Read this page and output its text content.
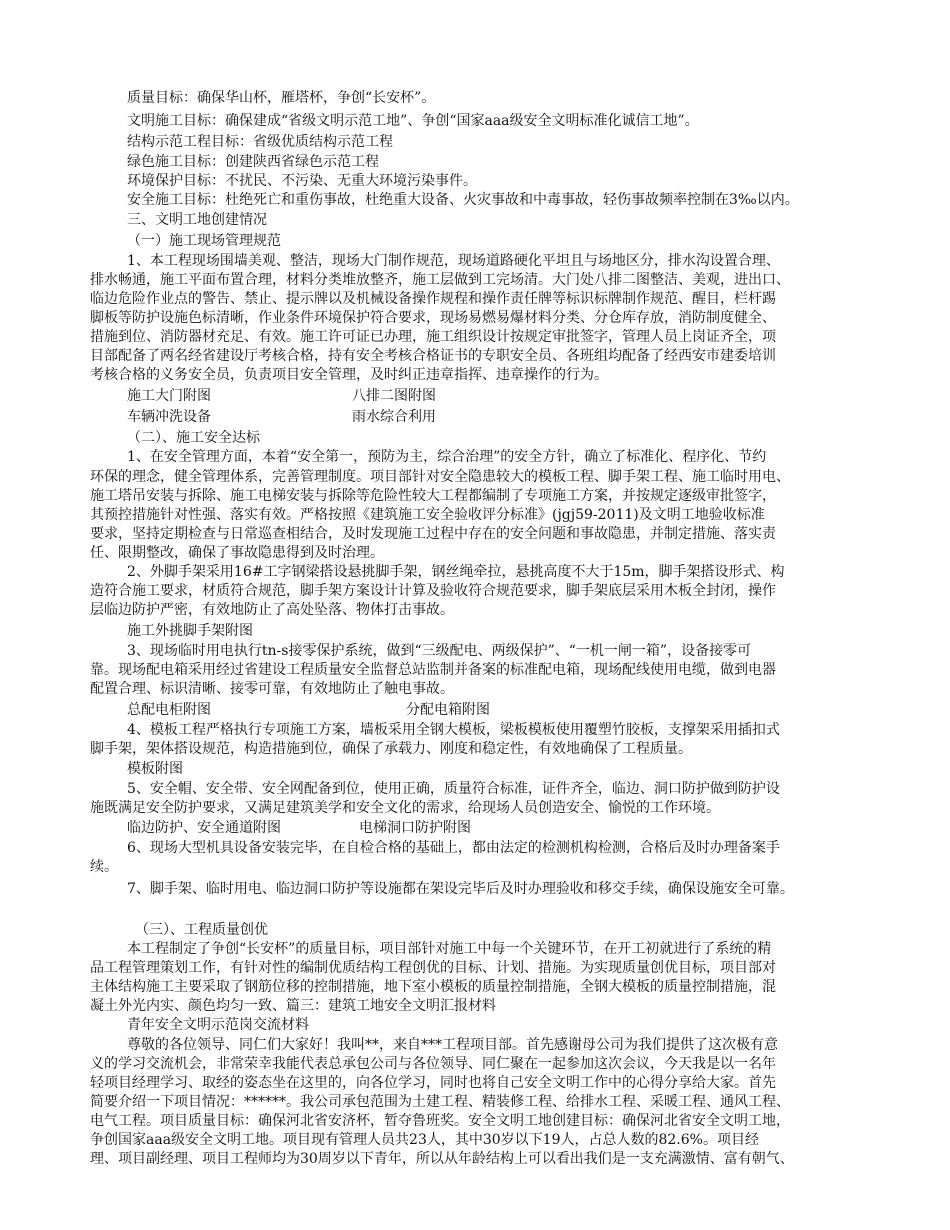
质量目标：确保华山杯，雁塔杯，争创“长安杯”。
文明施工目标：确保建成“省级文明示范工地”、争创“国家aaa级安全文明标准化诚信工地”。
结构示范工程目标：省级优质结构示范工程
绿色施工目标：创建陕西省绿色示范工程
环境保护目标：不扰民、不污染、无重大环境污染事件。
安全施工目标：杜绝死亡和重伤事故，杜绝重大设备、火灾事故和中毒事故，轻伤事故频率控制在3‰以内。
三、文明工地创建情况
（一）施工现场管理规范
1、本工程现场围墙美观、整洁，现场大门制作规范，现场道路硬化平坦且与场地区分，排水沟设置合理、
排水畅通，施工平面布置合理，材料分类堆放整齐，施工层做到工完场清。大门处八排二图整洁、美观，进出口、
临边危险作业点的警告、禁止、提示牌以及机械设备操作规程和操作责任牌等标识标牌制作规范、醒目，栏杆踢
脚板等防护设施色标清晰，作业条件环境保护符合要求，现场易燃易爆材料分类、分仓库存放，消防制度健全、
措施到位、消防器材充足、有效。施工许可证已办理，施工组织设计按规定审批签字，管理人员上岗证齐全，项
目部配备了两名经省建设厅考核合格，持有安全考核合格证书的专职安全员、各班组均配备了经西安市建委培训
考核合格的义务安全员，负责项目安全管理，及时纠正违章指挥、违章操作的行为。
施工大门附图	八排二图附图
车辆冲洗设备	雨水综合利用
（二）、施工安全达标
1、在安全管理方面，本着“安全第一，预防为主，综合治理”的安全方针，确立了标准化、程序化、节约
环保的理念，健全管理体系，完善管理制度。项目部针对安全隐患较大的模板工程、脚手架工程、施工临时用电、
施工塔吊安装与拆除、施工电梯安装与拆除等危险性较大工程都编制了专项施工方案，并按规定逐级审批签字，
其预控措施针对性强、落实有效。严格按照《建筑施工安全验收评分标准》(jgj59-2011)及文明工地验收标准
要求，坚持定期检查与日常巡查相结合，及时发现施工过程中存在的安全问题和事故隐患，并制定措施、落实责
任、限期整改，确保了事故隐患得到及时治理。
2、外脚手架采用16#工字钢梁搭设悬挑脚手架，钢丝绳牵拉，悬挑高度不大于15m，脚手架搭设形式、构
造符合施工要求，材质符合规范，脚手架方案设计计算及验收符合规范要求，脚手架底层采用木板全封闭，操作
层临边防护严密，有效地防止了高处坠落、物体打击事故。
施工外挑脚手架附图
3、现场临时用电执行tn-s接零保护系统，做到“三级配电、两级保护”、“一机一闸一箱”，设备接零可
靠。现场配电箱采用经过省建设工程质量安全监督总站监制并备案的标准配电箱，现场配线使用电缆，做到电器
配置合理、标识清晰、接零可靠，有效地防止了触电事故。
总配电柜附图	分配电箱附图
4、模板工程严格执行专项施工方案，墙板采用全钢大模板，梁板模板使用覆塑竹胶板，支撑架采用插扣式
脚手架，架体搭设规范，构造措施到位，确保了承载力、刚度和稳定性，有效地确保了工程质量。
模板附图
5、安全帽、安全带、安全网配备到位，使用正确，质量符合标准，证件齐全，临边、洞口防护做到防护设
施既满足安全防护要求，又满足建筑美学和安全文化的需求，给现场人员创造安全、愉悦的工作环境。
临边防护、安全通道附图	电梯洞口防护附图
6、现场大型机具设备安装完毕，在自检合格的基础上，都由法定的检测机构检测，合格后及时办理备案手
续。
7、脚手架、临时用电、临边洞口防护等设施都在架设完毕后及时办理验收和移交手续，确保设施安全可靠。
（三）、工程质量创优
本工程制定了争创“长安杯”的质量目标，项目部针对施工中每一个关键环节，在开工初就进行了系统的精
品工程管理策划工作，有针对性的编制优质结构工程创优的目标、计划、措施。为实现质量创优目标，项目部对
主体结构施工主要采取了钢筋位移的控制措施，地下室小模板的质量控制措施，全钢大模板的质量控制措施，混
凝土外光内实、颜色均匀一致、篇三：建筑工地安全文明汇报材料
青年安全文明示范岗交流材料
尊敬的各位领导、同仁们大家好！我叫**，来自***工程项目部。首先感谢母公司为我们提供了这次极有意
义的学习交流机会，非常荣幸我能代表总承包公司与各位领导、同仁聚在一起参加这次会议，今天我是以一名年
轻项目经理学习、取经的姿态坐在这里的，向各位学习，同时也将自己安全文明工作中的心得分享给大家。首先
简要介绍一下项目情况：******。我公司承包范围为土建工程、精装修工程、给排水工程、采暖工程、通风工程、
电气工程。项目质量目标：确保河北省安济杯，暂夺鲁班奖。安全文明工地创建目标：确保河北省安全文明工地，
争创国家aaa级安全文明工地。项目现有管理人员共23人，其中30岁以下19人，占总人数的82.6%。项目经
理、项目副经理、项目工程师均为30周岁以下青年，所以从年龄结构上可以看出我们是一支充满激情、富有朝气、
